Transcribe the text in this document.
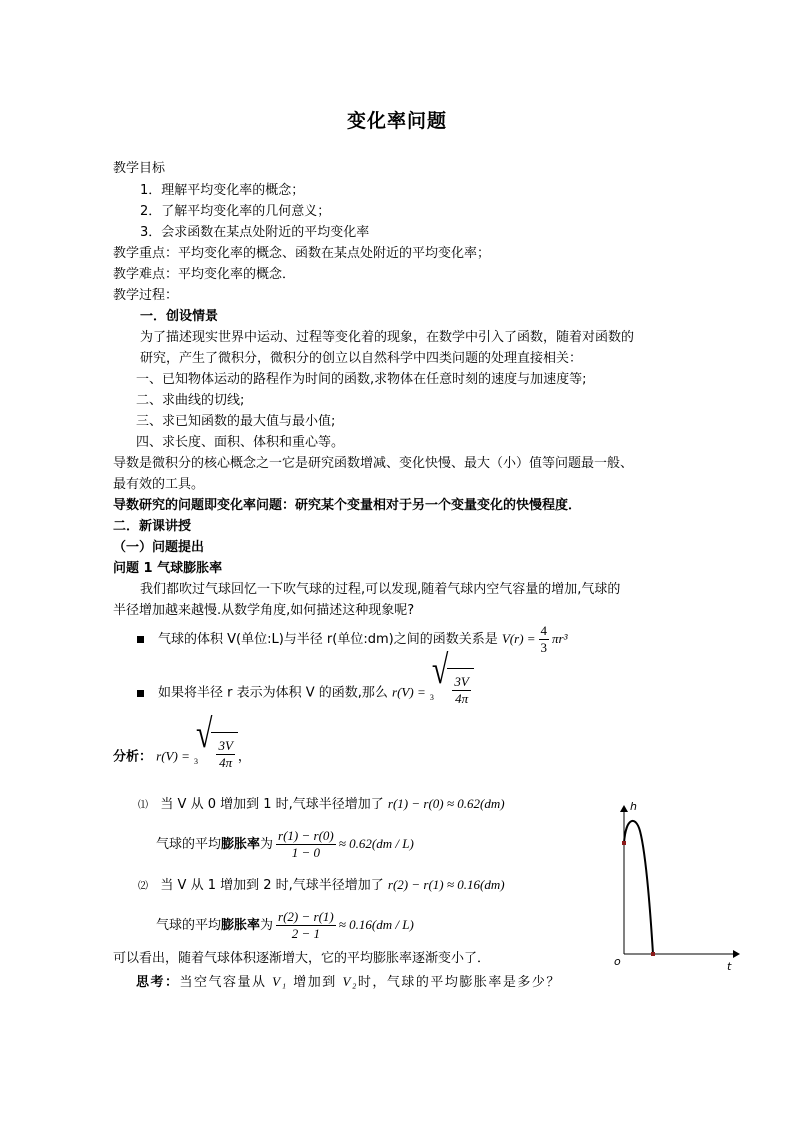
变化率问题
教学目标
1．理解平均变化率的概念；
2．了解平均变化率的几何意义；
3．会求函数在某点处附近的平均变化率
教学重点：平均变化率的概念、函数在某点处附近的平均变化率；
教学难点：平均变化率的概念．
教学过程：
一．创设情景
为了描述现实世界中运动、过程等变化着的现象，在数学中引入了函数，随着对函数的
研究，产生了微积分，微积分的创立以自然科学中四类问题的处理直接相关：
一、已知物体运动的路程作为时间的函数,求物体在任意时刻的速度与加速度等;
二、求曲线的切线;
三、求已知函数的最大值与最小值;
四、求长度、面积、体积和重心等。
导数是微积分的核心概念之一它是研究函数增减、变化快慢、最大（小）值等问题最一般、
最有效的工具。
导数研究的问题即变化率问题：研究某个变量相对于另一个变量变化的快慢程度．
二．新课讲授
（一）问题提出
问题 1 气球膨胀率
我们都吹过气球回忆一下吹气球的过程,可以发现,随着气球内空气容量的增加,气球的
半径增加越来越慢.从数学角度,如何描述这种现象呢?
气球的体积 V(单位:L)与半径 r(单位:dm)之间的函数关系是 $V(r) = \frac{4}{3} \pi r^3$
如果将半径 r 表示为体积 V 的函数,那么 r(V) = 3
√ $\frac{3V}{4\pi}$
分析： r(V) = 3
√ $\frac{3V}{4\pi}$ ，
⑴ 当 V 从 0 增加到 1 时,气球半径增加了 r(1) − r(0) ≈ 0.62(dm)
气球的平均膨胀率为 $\frac{r(1) - r(0)}{1 - 0} \approx 0.62(dm / L)$
⑵ 当 V 从 1 增加到 2 时,气球半径增加了 r(2) − r(1) ≈ 0.16(dm)
气球的平均膨胀率为 $\frac{r(2) - r(1)}{2 - 1} \approx 0.16(dm / L)$
可以看出，随着气球体积逐渐增大，它的平均膨胀率逐渐变小了．
思考：当空气容量从 V₁ 增加到 V₂时，气球的平均膨胀率是多少？
h
t
o
